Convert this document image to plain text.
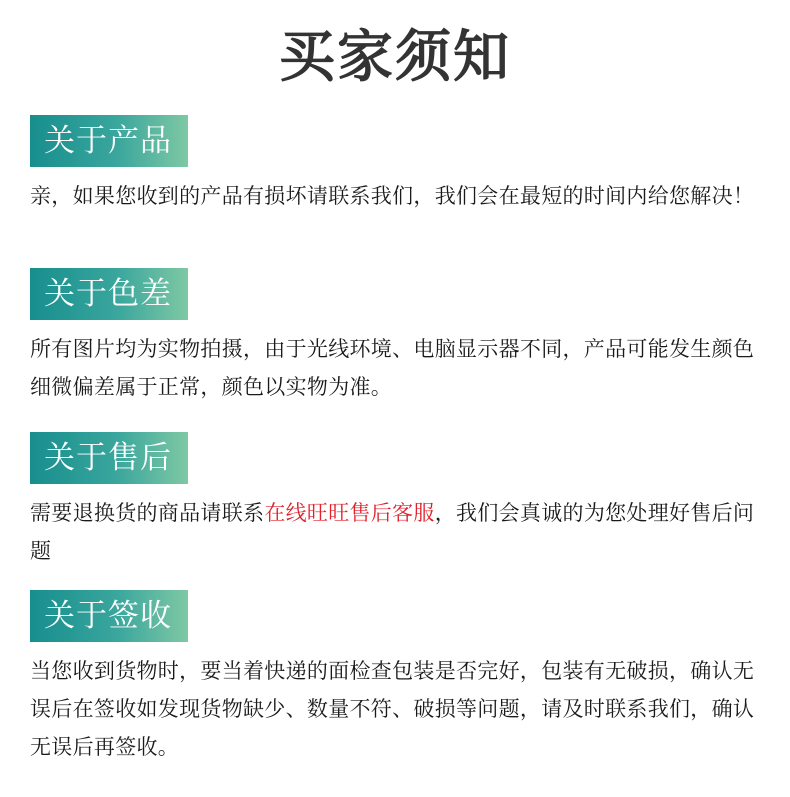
买家须知
关于产品
亲，如果您收到的产品有损坏请联系我们，我们会在最短的时间内给您解决！
关于色差
所有图片均为实物拍摄，由于光线环境、电脑显示器不同，产品可能发生颜色细微偏差属于正常，颜色以实物为准。
关于售后
需要退换货的商品请联系在线旺旺售后客服，我们会真诚的为您处理好售后问题
关于签收
当您收到货物时，要当着快递的面检查包装是否完好，包装有无破损，确认无误后在签收如发现货物缺少、数量不符、破损等问题，请及时联系我们，确认无误后再签收。
